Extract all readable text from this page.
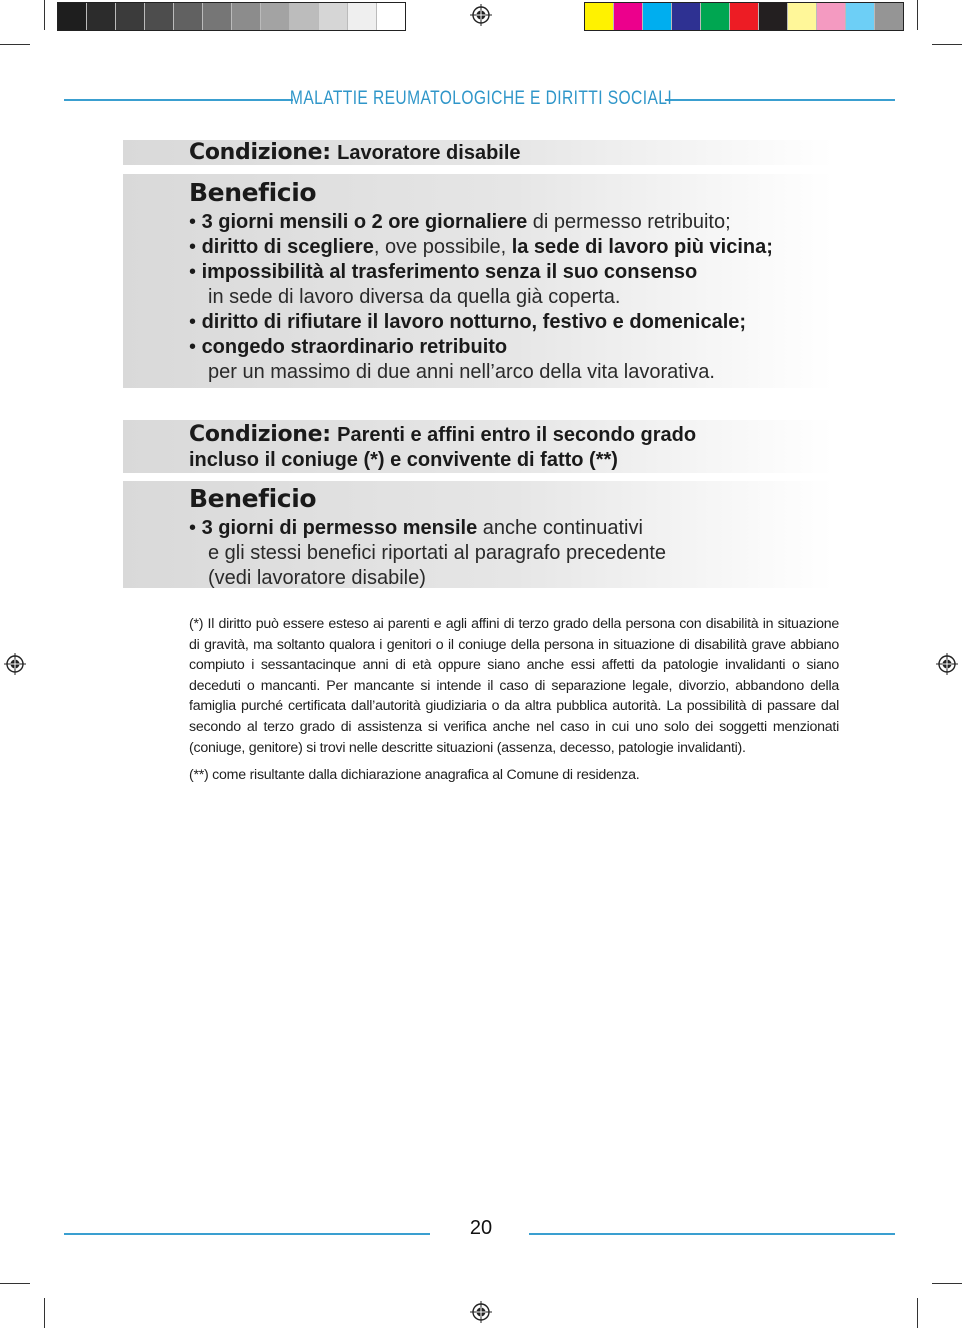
MALATTIE REUMATOLOGICHE E DIRITTI SOCIALI
Condizione: Lavoratore disabile
Beneficio
• 3 giorni mensili o 2 ore giornaliere di permesso retribuito;
• diritto di scegliere, ove possibile, la sede di lavoro più vicina;
• impossibilità al trasferimento senza il suo consenso
in sede di lavoro diversa da quella già coperta.
• diritto di rifiutare il lavoro notturno, festivo e domenicale;
• congedo straordinario retribuito
per un massimo di due anni nell’arco della vita lavorativa.
Condizione: Parenti e affini entro il secondo grado
incluso il coniuge (*) e convivente di fatto (**)
Beneficio
• 3 giorni di permesso mensile anche continuativi
e gli stessi benefici riportati al paragrafo precedente
(vedi lavoratore disabile)
(*) Il diritto può essere esteso ai parenti e agli affini di terzo grado della persona con disabilità in situazione di gravità, ma soltanto qualora i genitori o il coniuge della persona in situazione di disabilità grave abbiano compiuto i sessantacinque anni di età oppure siano anche essi affetti da patologie invalidanti o siano deceduti o mancanti. Per mancante si intende il caso di separazione legale, divorzio, abbandono della famiglia purché certificata dall’autorità giudiziaria o da altra pubblica autorità. La possibilità di passare dal secondo al terzo grado di assistenza si verifica anche nel caso in cui uno solo dei soggetti menzionati (coniuge, genitore) si trovi nelle descritte situazioni (assenza, decesso, patologie invalidanti).
(**) come risultante dalla dichiarazione anagrafica al Comune di residenza.
20
